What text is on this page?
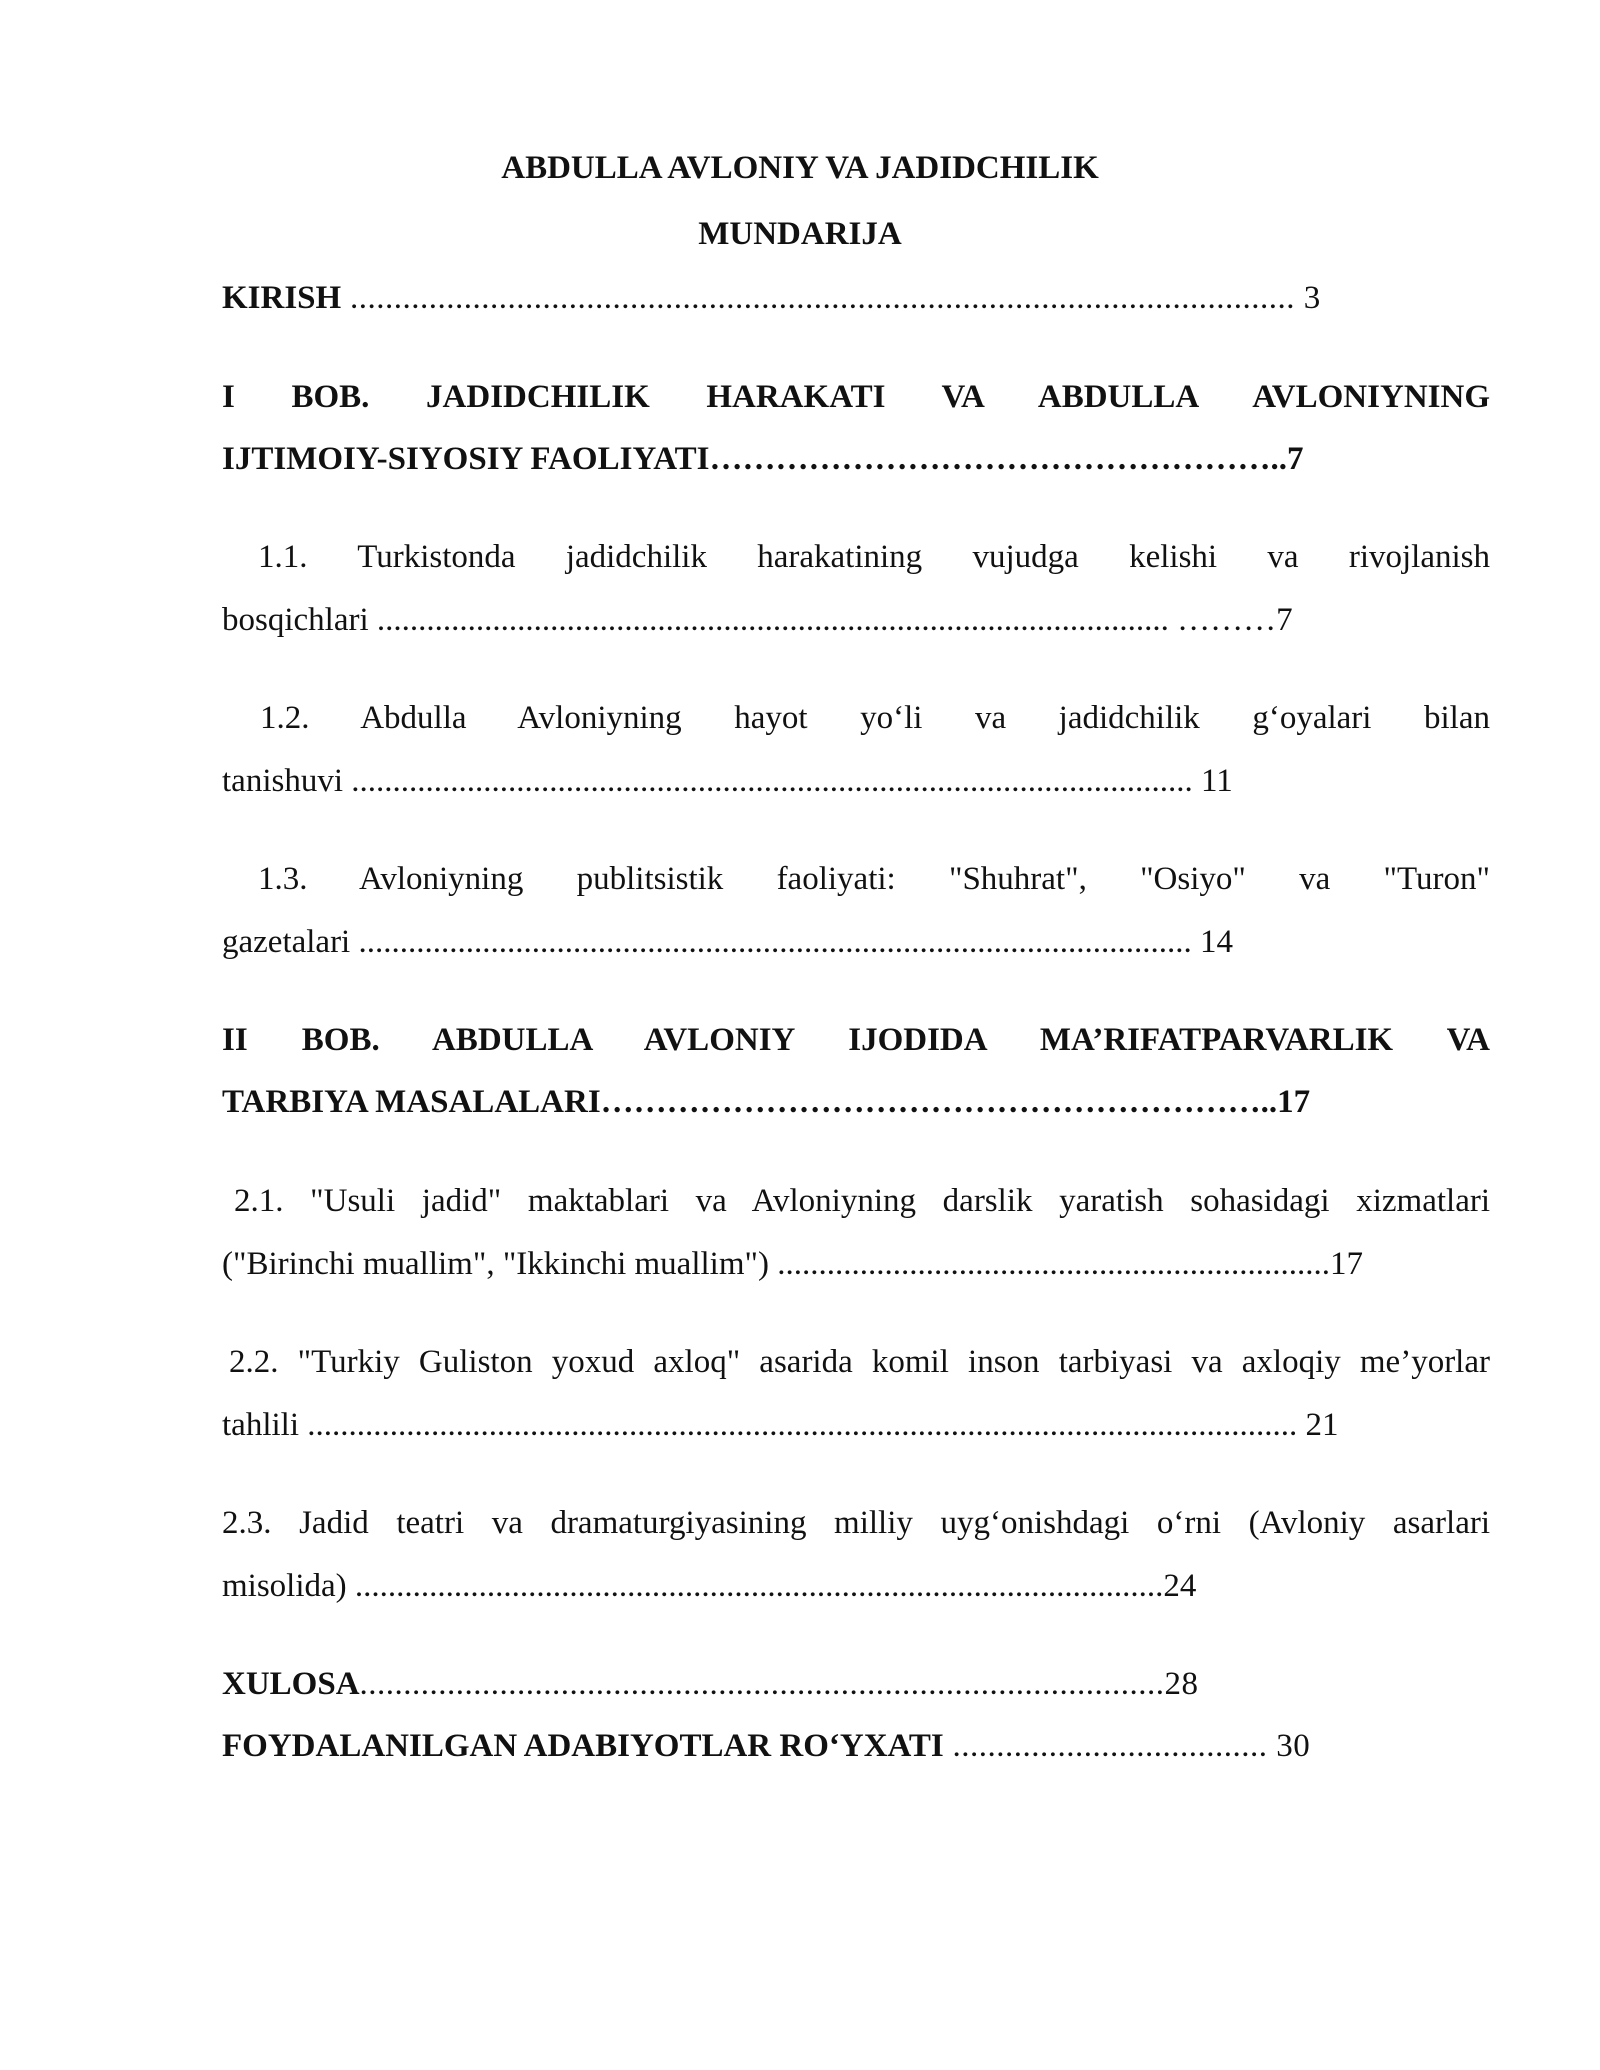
ABDULLA AVLONIY VA JADIDCHILIK
MUNDARIJA
KIRISH ............................................................................................................ 3
I BOB. JADIDCHILIK HARAKATI VA ABDULLA AVLONIYNING
IJTIMOIY-SIYOSIY FAOLIYATI……………………………………………..7
1.1. Turkistonda jadidchilik harakatining vujudga kelishi va rivojlanish
bosqichlari ................................................................................................ ………7
1.2. Abdulla Avloniyning hayot yo‘li va jadidchilik g‘oyalari bilan
tanishuvi ...................................................................................................... 11
1.3. Avloniyning publitsistik faoliyati: "Shuhrat", "Osiyo" va "Turon"
gazetalari ..................................................................................................... 14
II BOB. ABDULLA AVLONIY IJODIDA MA’RIFATPARVARLIK VA
TARBIYA MASALALARI……………………………………………………..17
2.1. "Usuli jadid" maktablari va Avloniyning darslik yaratish sohasidagi xizmatlari
("Birinchi muallim", "Ikkinchi muallim") ...................................................................17
2.2. "Turkiy Guliston yoxud axloq" asarida komil inson tarbiyasi va axloqiy me’yorlar
tahlili ........................................................................................................................ 21
2.3. Jadid teatri va dramaturgiyasining milliy uyg‘onishdagi o‘rni (Avloniy asarlari
misolida) ..................................................................................................24
XULOSA............................................................................................28
FOYDALANILGAN ADABIYOTLAR RO‘YXATI .................................... 30
